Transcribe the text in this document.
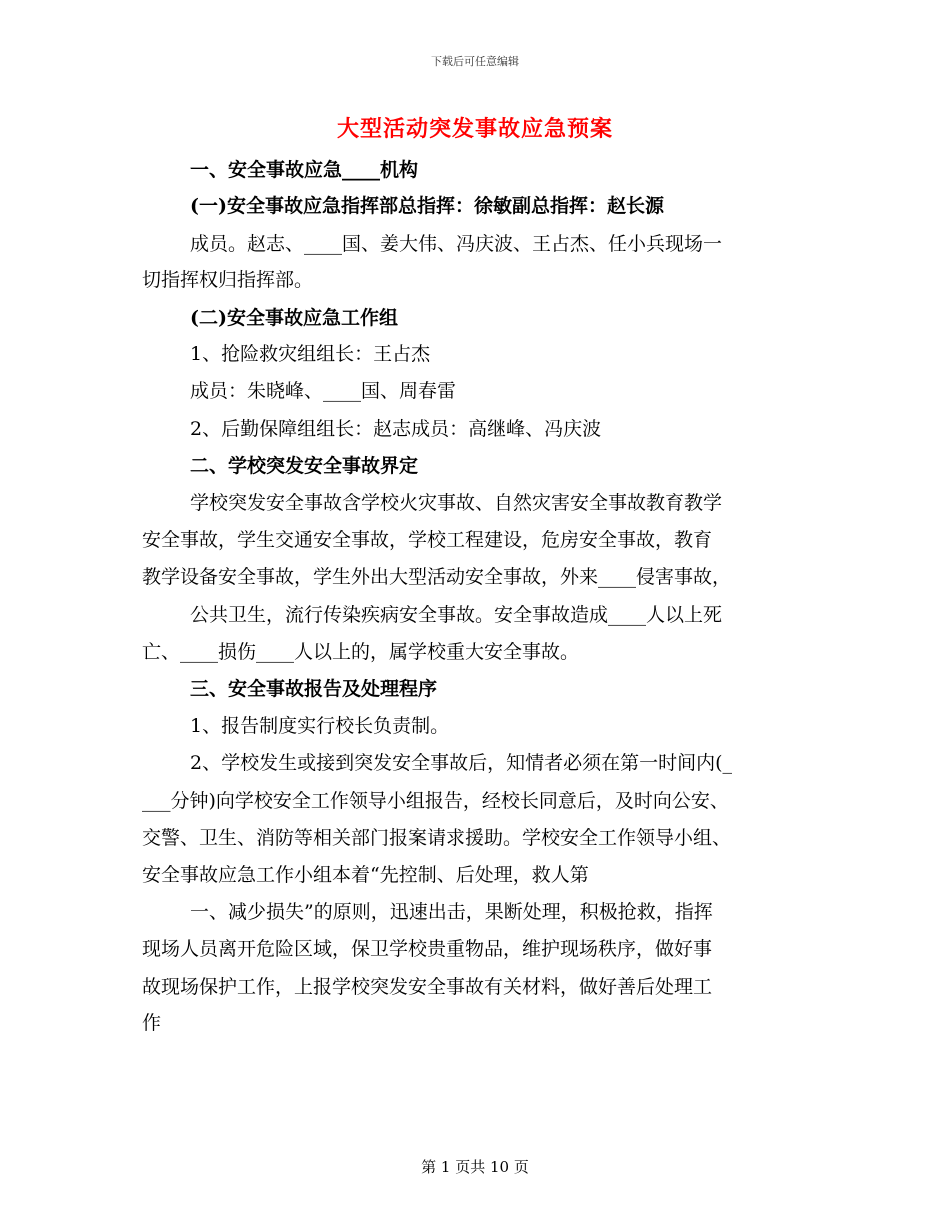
下载后可任意编辑
大型活动突发事故应急预案
一、安全事故应急____机构
(一)安全事故应急指挥部总指挥：徐敏副总指挥：赵长源
成员。赵志、____国、姜大伟、冯庆波、王占杰、任小兵现场一
切指挥权归指挥部。
(二)安全事故应急工作组
1、抢险救灾组组长：王占杰
成员：朱晓峰、____国、周春雷
2、后勤保障组组长：赵志成员：高继峰、冯庆波
二、学校突发安全事故界定
学校突发安全事故含学校火灾事故、自然灾害安全事故教育教学
安全事故，学生交通安全事故，学校工程建设，危房安全事故，教育
教学设备安全事故，学生外出大型活动安全事故，外来____侵害事故，
公共卫生，流行传染疾病安全事故。安全事故造成____人以上死
亡、____损伤____人以上的，属学校重大安全事故。
三、安全事故报告及处理程序
1、报告制度实行校长负责制。
2、学校发生或接到突发安全事故后，知情者必须在第一时间内(_
___分钟)向学校安全工作领导小组报告，经校长同意后，及时向公安、
交警、卫生、消防等相关部门报案请求援助。学校安全工作领导小组、
安全事故应急工作小组本着“先控制、后处理，救人第
一、减少损失”的原则，迅速出击，果断处理，积极抢救，指挥
现场人员离开危险区域，保卫学校贵重物品，维护现场秩序，做好事
故现场保护工作，上报学校突发安全事故有关材料，做好善后处理工
作
第 1 页共 10 页
